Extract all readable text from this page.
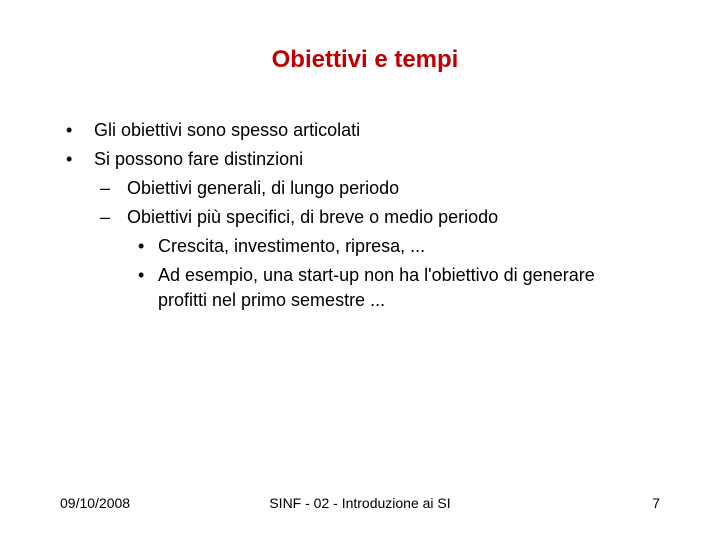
Obiettivi e tempi
• Gli obiettivi sono spesso articolati
• Si possono fare distinzioni
– Obiettivi generali, di lungo periodo
– Obiettivi più specifici, di breve o medio periodo
• Crescita, investimento, ripresa, ...
• Ad esempio, una start-up non ha l'obiettivo di generare
profitti nel primo semestre ...
09/10/2008	SINF - 02 - Introduzione ai SI	7
